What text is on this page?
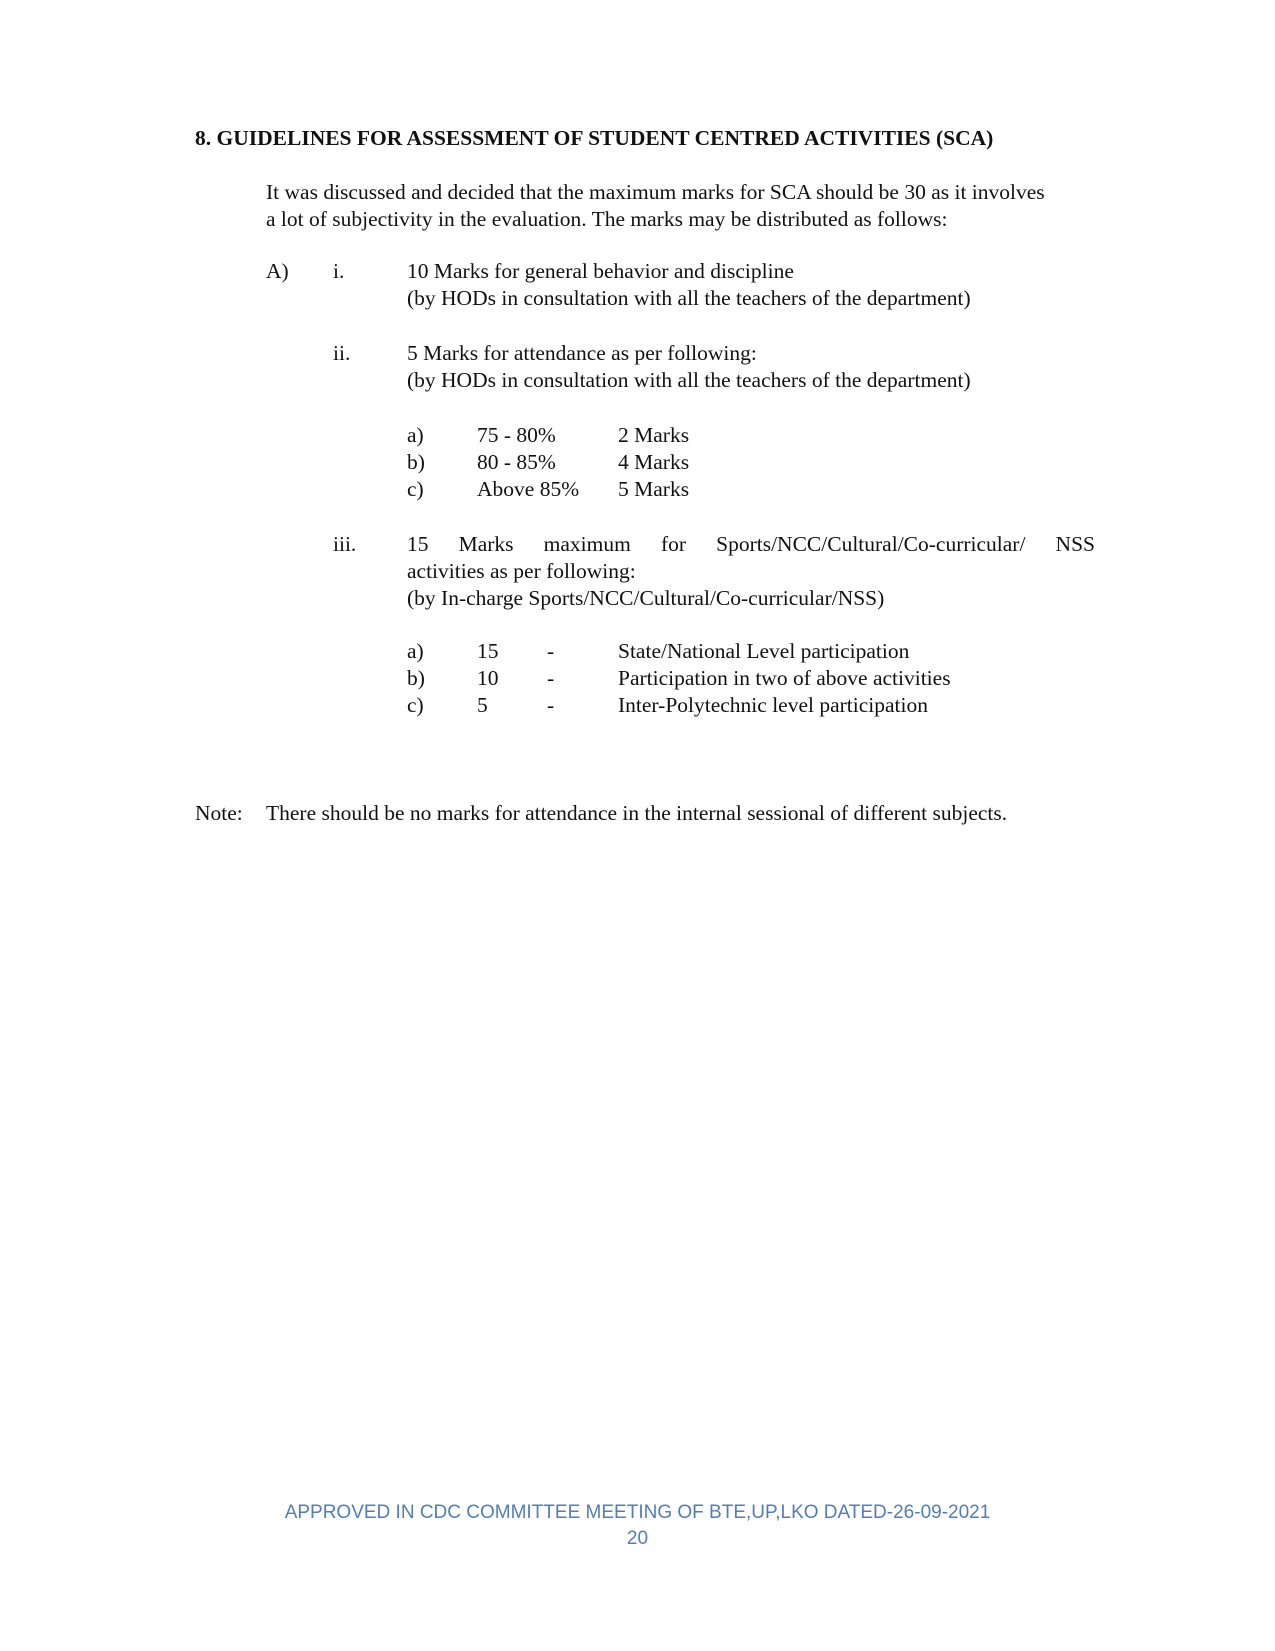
8. GUIDELINES FOR ASSESSMENT OF STUDENT CENTRED ACTIVITIES (SCA)
It was discussed and decided that the maximum marks for SCA should be 30 as it involves
a lot of subjectivity in the evaluation. The marks may be distributed as follows:
A) i.	10 Marks for general behavior and discipline
(by HODs in consultation with all the teachers of the department)
ii.	5 Marks for attendance as per following:
(by HODs in consultation with all the teachers of the department)
a) 75 - 80%	2 Marks
b) 80 - 85%	4 Marks
c) Above 85% 5 Marks
iii. 15 Marks maximum for Sports/NCC/Cultural/Co-curricular/ NSS
activities as per following:
(by In-charge Sports/NCC/Cultural/Co-curricular/NSS)
a) 15 -	State/National Level participation
b) 10 -	Participation in two of above activities
c) 5	-	Inter-Polytechnic level participation
Note: There should be no marks for attendance in the internal sessional of different subjects.
APPROVED IN CDC COMMITTEE MEETING OF BTE,UP,LKO DATED-26-09-2021
20
